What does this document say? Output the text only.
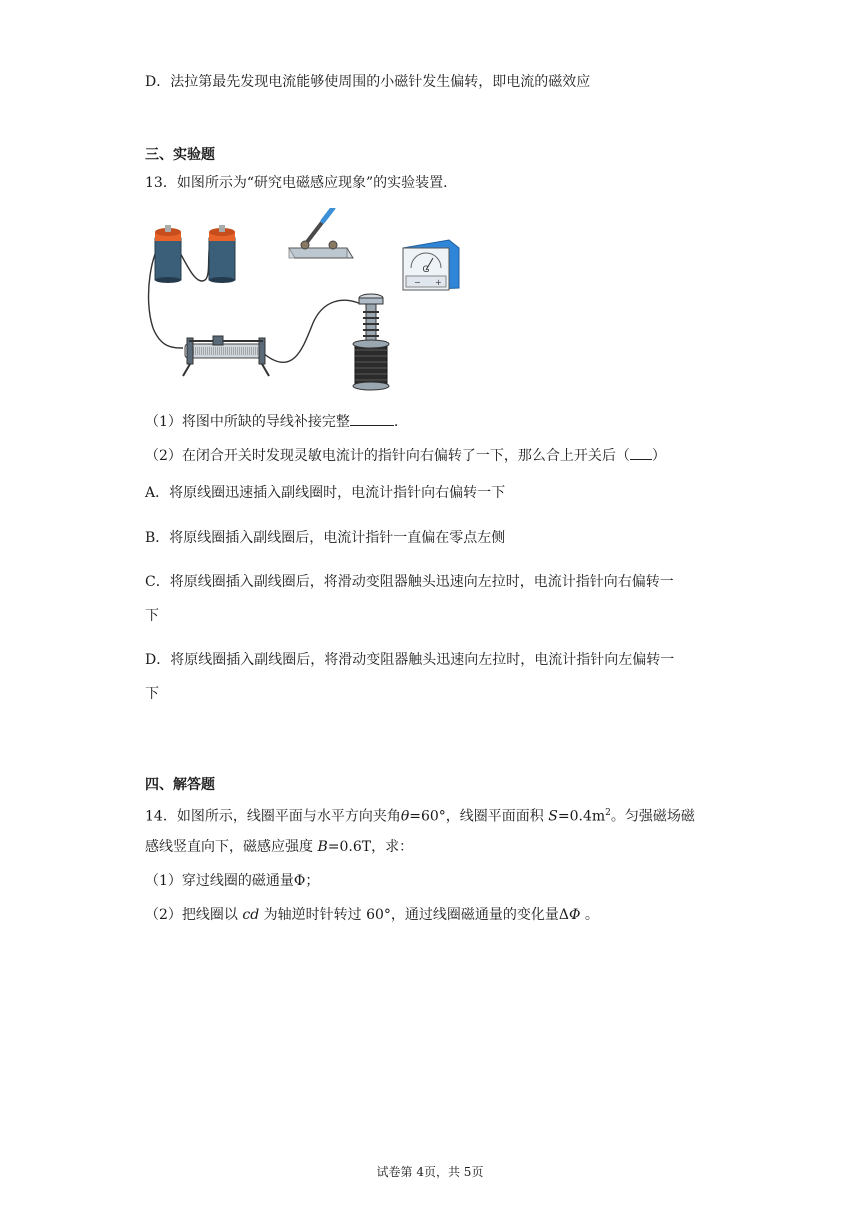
D．法拉第最先发现电流能够使周围的小磁针发生偏转，即电流的磁效应
三、实验题
13．如图所示为“研究电磁感应现象”的实验装置．
G
− +
（1）将图中所缺的导线补接完整	.
（2）在闭合开关时发现灵敏电流计的指针向右偏转了一下，那么合上开关后（ ）
A．将原线圈迅速插入副线圈时，电流计指针向右偏转一下
B．将原线圈插入副线圈后，电流计指针一直偏在零点左侧
C．将原线圈插入副线圈后，将滑动变阻器触头迅速向左拉时，电流计指针向右偏转一
下
D．将原线圈插入副线圈后，将滑动变阻器触头迅速向左拉时，电流计指针向左偏转一
下
四、解答题
14．如图所示，线圈平面与水平方向夹角θ=60°，线圈平面面积 $S=0.4m^2$。匀强磁场磁
感线竖直向下，磁感应强度 B=0.6T，求：
（1）穿过线圈的磁通量Φ；
（2）把线圈以 cd 为轴逆时针转过 60°，通过线圈磁通量的变化量ΔΦ 。
试卷第 4页，共 5页
